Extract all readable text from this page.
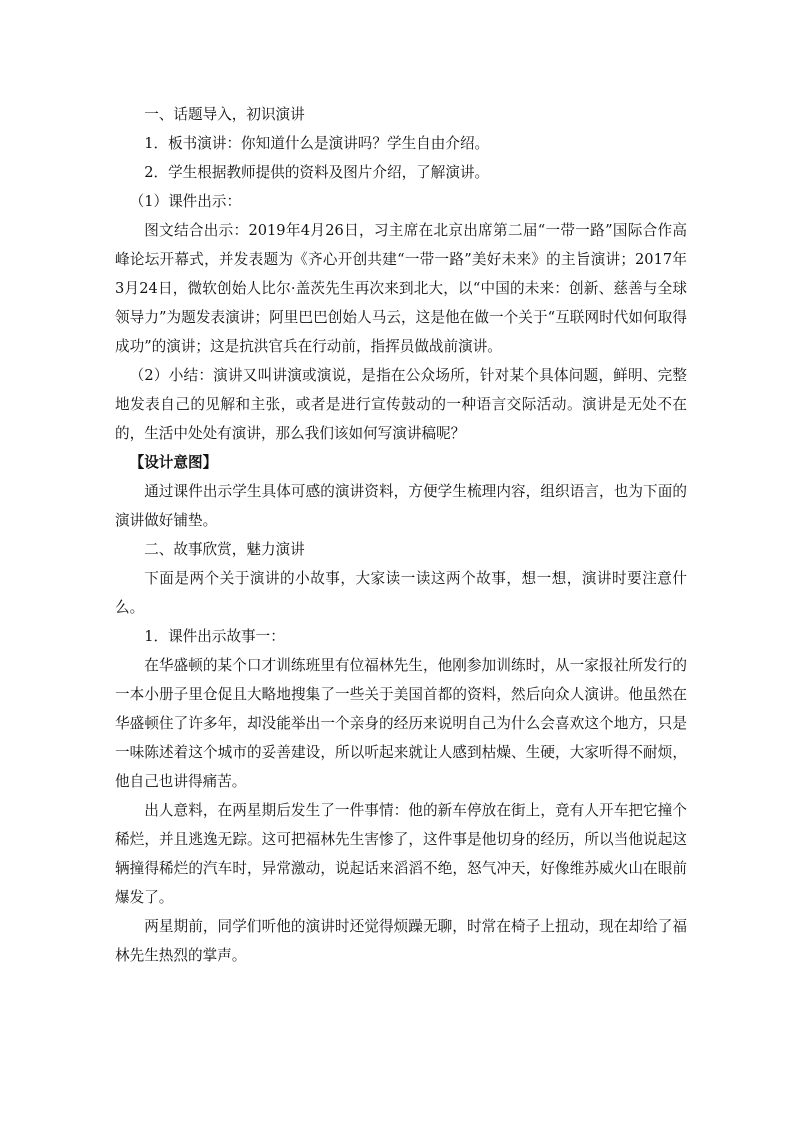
一、话题导入，初识演讲

1．板书演讲：你知道什么是演讲吗？学生自由介绍。

2．学生根据教师提供的资料及图片介绍，了解演讲。

（1）课件出示：

图文结合出示：2019年4月26日，习主席在北京出席第二届“一带一路”国际合作高峰论坛开幕式，并发表题为《齐心开创共建“一带一路”美好未来》的主旨演讲；2017年3月24日，微软创始人比尔·盖茨先生再次来到北大，以“中国的未来：创新、慈善与全球领导力”为题发表演讲；阿里巴巴创始人马云，这是他在做一个关于“互联网时代如何取得成功”的演讲；这是抗洪官兵在行动前，指挥员做战前演讲。

（2）小结：演讲又叫讲演或演说，是指在公众场所，针对某个具体问题，鲜明、完整地发表自己的见解和主张，或者是进行宣传鼓动的一种语言交际活动。演讲是无处不在的，生活中处处有演讲，那么我们该如何写演讲稿呢？

【设计意图】

通过课件出示学生具体可感的演讲资料，方便学生梳理内容，组织语言，也为下面的演讲做好铺垫。

二、故事欣赏，魅力演讲

下面是两个关于演讲的小故事，大家读一读这两个故事，想一想，演讲时要注意什么。

1．课件出示故事一：

在华盛顿的某个口才训练班里有位福林先生，他刚参加训练时，从一家报社所发行的一本小册子里仓促且大略地搜集了一些关于美国首都的资料，然后向众人演讲。他虽然在华盛顿住了许多年，却没能举出一个亲身的经历来说明自己为什么会喜欢这个地方，只是一味陈述着这个城市的妥善建设，所以听起来就让人感到枯燥、生硬，大家听得不耐烦，他自己也讲得痛苦。

出人意料，在两星期后发生了一件事情：他的新车停放在街上，竟有人开车把它撞个稀烂，并且逃逸无踪。这可把福林先生害惨了，这件事是他切身的经历，所以当他说起这辆撞得稀烂的汽车时，异常激动，说起话来滔滔不绝，怒气冲天，好像维苏威火山在眼前爆发了。

两星期前，同学们听他的演讲时还觉得烦躁无聊，时常在椅子上扭动，现在却给了福林先生热烈的掌声。
